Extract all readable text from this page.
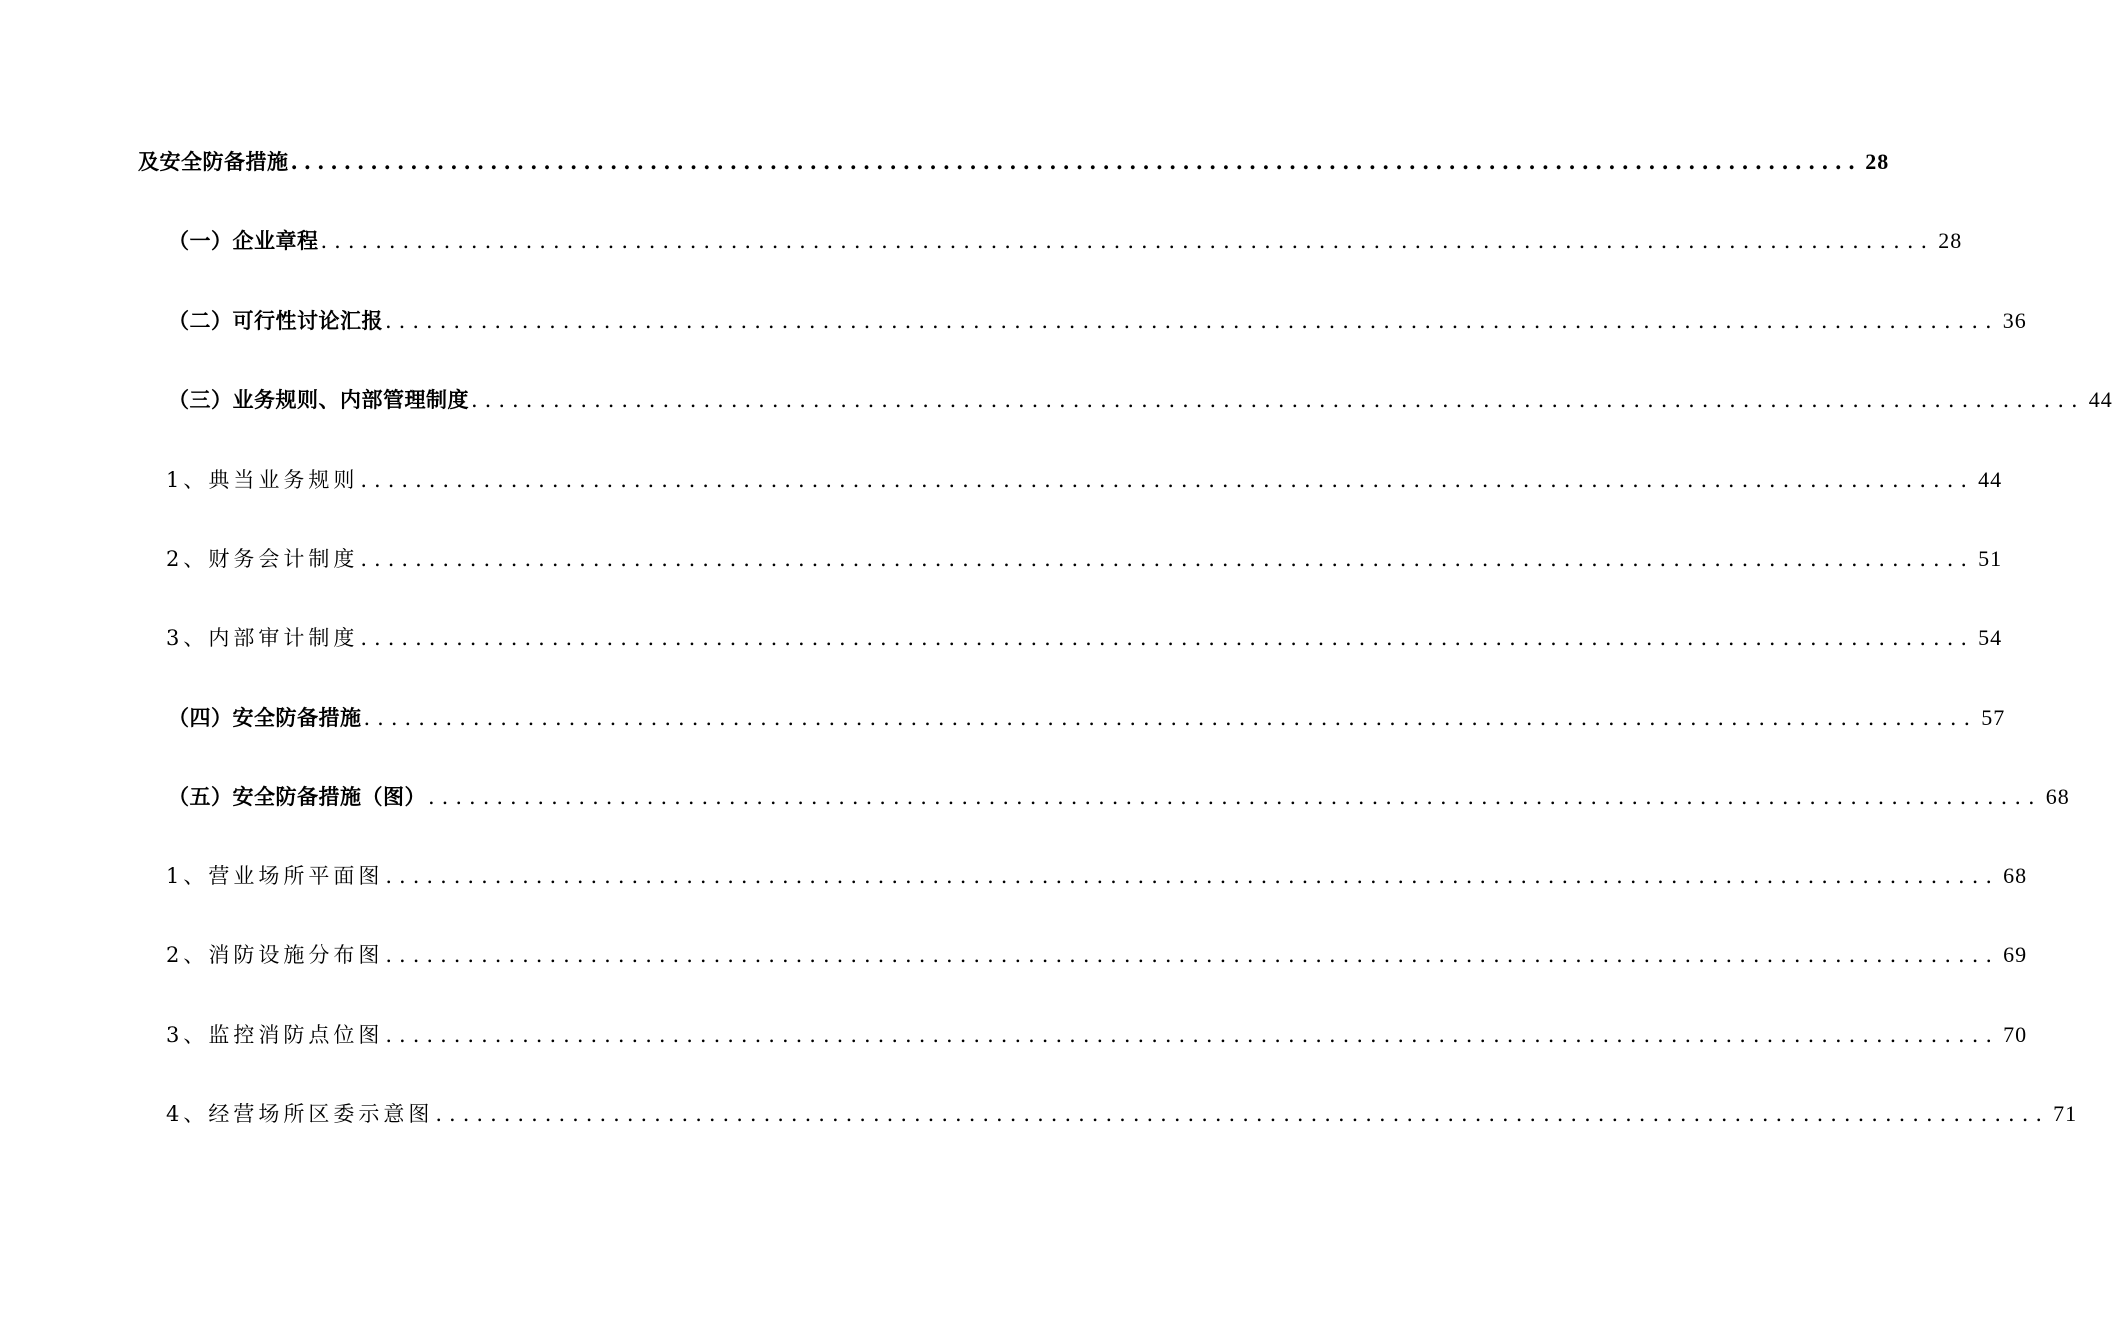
及安全防备措施 ...................................................................................................................... 28
（一）企业章程 ...................................................................................................................... 28
（二）可行性讨论汇报 ...................................................................................................................... 36
（三）业务规则、内部管理制度 ...................................................................................................................... 44
1、典当业务规则 ...................................................................................................................... 44
2、财务会计制度 ...................................................................................................................... 51
3、内部审计制度 ...................................................................................................................... 54
（四）安全防备措施 ...................................................................................................................... 57
（五）安全防备措施（图） ...................................................................................................................... 68
1、营业场所平面图 ...................................................................................................................... 68
2、消防设施分布图 ...................................................................................................................... 69
3、监控消防点位图 ...................................................................................................................... 70
4、经营场所区委示意图 ...................................................................................................................... 71
